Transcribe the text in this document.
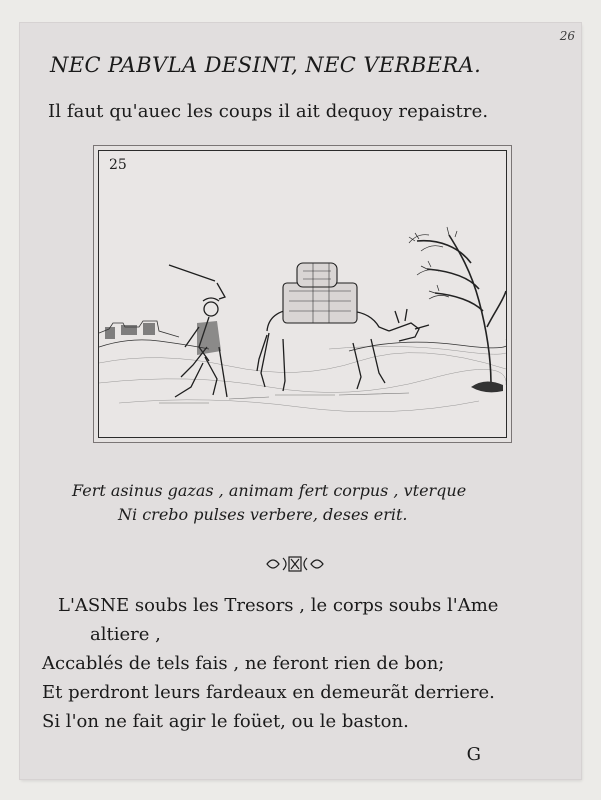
26
NEC PABVLA DESINT, NEC VERBERA.
Il faut qu'auec les coups il ait dequoy repaistre.
25
Fert asinus gazas , animam fert corpus , vterque
Ni crebo pulses verbere, deses erit.
L'ASNE soubs les Tresors , le corps soubs l'Ame
altiere ,
Accablés de tels fais , ne feront rien de bon;
Et perdront leurs fardeaux en demeurãt derriere.
Si l'on ne fait agir le foüet, ou le baston.
G
